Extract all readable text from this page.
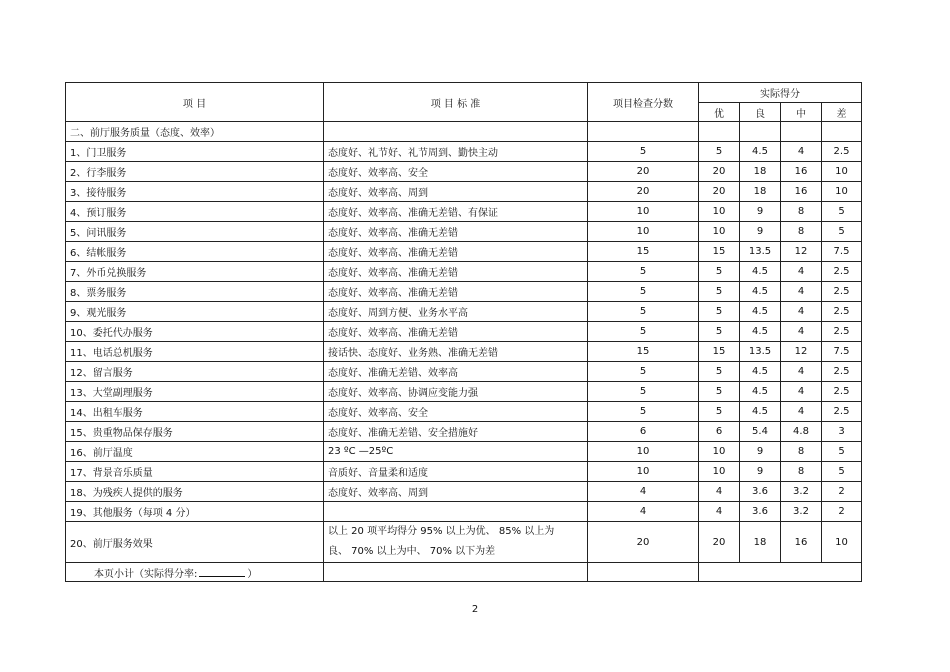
项 目	项 目 标 准	项目检查分数	实际得分			
			优	良	中	差
二、前厅服务质量（态度、效率）						
1、门卫服务	态度好、礼节好、礼节周到、勤快主动	5	5	4.5	4	2.5
2、行李服务	态度好、效率高、安全	20	20	18	16	10
3、接待服务	态度好、效率高、周到	20	20	18	16	10
4、预订服务	态度好、效率高、准确无差错、有保证	10	10	9	8	5
5、问讯服务	态度好、效率高、准确无差错	10	10	9	8	5
6、结帐服务	态度好、效率高、准确无差错	15	15	13.5	12	7.5
7、外币兑换服务	态度好、效率高、准确无差错	5	5	4.5	4	2.5
8、票务服务	态度好、效率高、准确无差错	5	5	4.5	4	2.5
9、观光服务	态度好、周到方便、业务水平高	5	5	4.5	4	2.5
10、委托代办服务	态度好、效率高、准确无差错	5	5	4.5	4	2.5
11、电话总机服务	接话快、态度好、业务熟、准确无差错	15	15	13.5	12	7.5
12、留言服务	态度好、准确无差错、效率高	5	5	4.5	4	2.5
13、大堂副理服务	态度好、效率高、协调应变能力强	5	5	4.5	4	2.5
14、出租车服务	态度好、效率高、安全	5	5	4.5	4	2.5
15、贵重物品保存服务	态度好、准确无差错、安全措施好	6	6	5.4	4.8	3
16、前厅温度	23 ºC —25ºC	10	10	9	8	5
17、背景音乐质量	音质好、音量柔和适度	10	10	9	8	5
18、为残疾人提供的服务	态度好、效率高、周到	4	4	3.6	3.2	2
19、其他服务（每项 4 分）		4	4	3.6	3.2	2
20、前厅服务效果	以上 20 项平均得分 95% 以上为优、 85% 以上为
良、 70% 以上为中、 70% 以下为差	20	20	18	16	10
本页小计（实际得分率: ）						
2
